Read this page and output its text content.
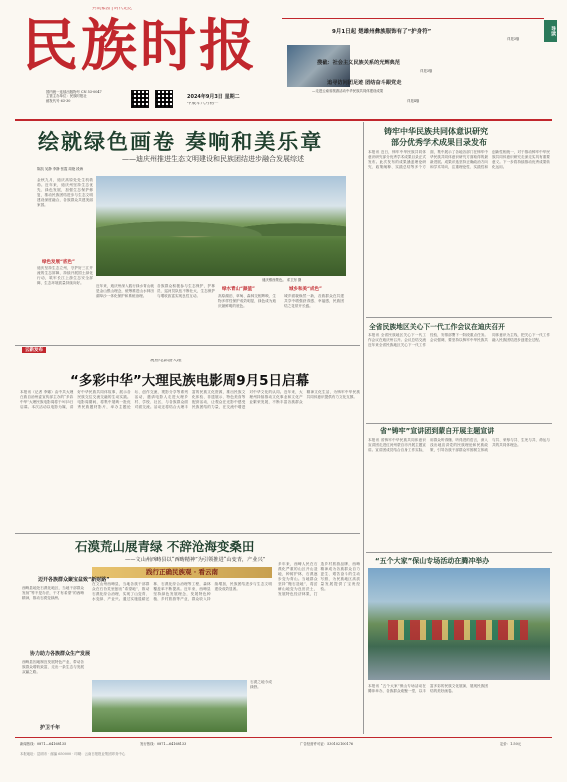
共筑家园 | 时代记忆
民族时报
国内统一连续出版物号 CN 53-0047
主管主办单位：民族时报社
邮发代号 63-30
2024年9月3日 星期二
甲辰年八月初一
9月1日起 楚雄州彝族服饰有了“护身符”
详见3版
搜截：社会主义民族关系的光辉典范
详见3版
追寻访问团足迹 团结奋斗跟党走
—走进云南省旅游活动中华民族共同体建设成果
详见4版
导读
绘就绿色画卷 奏响和美乐章
——迪庆州推进生态文明建设和民族团结进步融合发展综述
陈凯 吴静 李静 张霞 周艳 段海
金秋九月，迪庆高原处处生机勃勃。近年来，迪庆州坚持生态优先、绿色发展，加强生态保护修复，推动民族团结进步与生态文明建设深度融合，各族群众共建美丽家园。
绿色发展“底色”
迪庆坚持生态立州，守护好三江并流的生态屏障，持续开展国土绿化行动，筑牢长江上游生态安全屏障，生态环境质量持续向好。
迪庆维西景色。 邓卫东 摄
近年来，迪庆州深入践行绿水青山就是金山银山理念，统筹推进山水林田湖草沙一体化保护和系统治理。
各族群众积极参与生态保护，护林员、巡河员队伍不断壮大，生态保护与增收致富实现良性互动。
绿水青山“颜值”
高原湖泊、草甸、森林交相辉映，生物多样性保护成效明显，绿色成为迪庆最鲜明的底色。
城乡和美“成色”
城乡面貌焕然一新，各族群众在共建共享中增强获得感、幸福感，民族团结之花常开长盛。
云新发布
观看电影游大理
“多彩中华”大理民族电影周9月5日启幕
本报讯（记者 李娜）由中共大理白族自治州委宣传部主办的“多彩中华”大理民族电影周将于9月5日启幕。本次活动以电影为媒，讲好中华民族共同体故事，展示各民族交往交流交融的生动实践。电影周期间，将集中展映一批优秀民族题材影片，举办主题论坛、创作交流、观影分享等系列活动，邀请电影人走进大理乡村、学校、社区，与各族群众面对面交流。活动还将结合大理丰富的民族文化资源，推出民族文化体验、非遗展示、特色美食等配套活动，让观众在光影中感受民族团结的力量，在交流中增进对中华文化的认同。近年来，大理州持续推动文化事业和文化产业繁荣发展，不断丰富各族群众精神文化生活，为铸牢中华民族共同体意识提供有力文化支撑。
石漠荒山展青绿 不辞沧海变桑田
——文山州西畴县以“西畴精神”为引领推进“山变青，产业兴”
践行正确民族观 · 看云南
迈开各族群众聚宝盆致“新财路”
西畴县地处石漠化地区，当地干部群众发扬“等不是办法，干才有希望”的西畴精神，推动石漠变绿洲。
协力助力各族群众生产发展
西畴县因地制宜发展特色产业，带动各族群众增收致富，走出一条生态与发展双赢之路。
护卫千年
在文山州西畴县，当地各族干部群众在石旮旯里刨出“希望地”，推动石漠化综合治理，实现了山变青、水变绿、产业兴。通过实施退耕还林、石漠化综合治理等工程，森林覆盖率不断提高。近年来，西畴县坚持绿色发展理念，发展特色种植、乡村旅游等产业，群众收入持续增加，民族团结进步与生态文明建设成效显著。
石漠之地今成绿野。
多年来，西畴人民在石漠化严重的山区开山造地，种树护林，石漠逐步变为青山。当地群众坚持“搬石造地”，将贫瘠山地变为良田沃土，发展特色经济林果，打造乡村旅游品牌，西畴精神成为各族群众自力更生、艰苦奋斗的生动写照，为民族地区高质量发展提供了宝贵经验。
铸牢中华民族共同体意识研究
部分优秀学术成果目录发布
本报讯 近日，铸牢中华民族共同体意识研究部分优秀学术成果目录正式发布。此次发布的成果涵盖理论研究、政策阐释、实践总结等多个方面，集中展示了各地各部门在铸牢中华民族共同体意识研究方面取得的最新进展。成果评选坚持正确政治方向和学术导向，注重理论性、实践性和创新性相统一，对于推动铸牢中华民族共同体意识研究走深走实具有重要意义。下一步将持续推动优秀成果转化运用。
全省民族地区关心下一代工作会议在迪庆召开
本报讯 全省民族地区关心下一代工作会议在迪庆州召开。会议总结交流近年来全省民族地区关心下一代工作经验，安排部署下一阶段重点任务。会议强调，要坚持以铸牢中华民族共同体意识为主线，把关心下一代工作融入民族团结进步创建全过程。
省“铸牢”宣讲团到蒙自开展主题宣讲
本报讯 省铸牢中华民族共同体意识宣讲团走进红河州蒙自市开展主题宣讲。宣讲团成员结合自身工作实际，用群众听得懂、听得进的语言，深入浅出地宣讲党的民族理论和民族政策，引导各族干部群众牢固树立休戚与共、荣辱与共、生死与共、命运与共的共同体理念。
“五个大家”保山专场活动在腾冲举办
本报讯 “五个大家”保山专场活动在腾冲举办，各族群众欢聚一堂，以丰富多彩的民族文化展演，展现民族团结的美好画卷。
新闻热线：0871—64168135	发行热线：0871—64168133	广告经营许可证：530102100176	定价：1.50元
本报地址：昆明市 · 邮编 650000 · 印刷：云南日报报业集团印务中心
